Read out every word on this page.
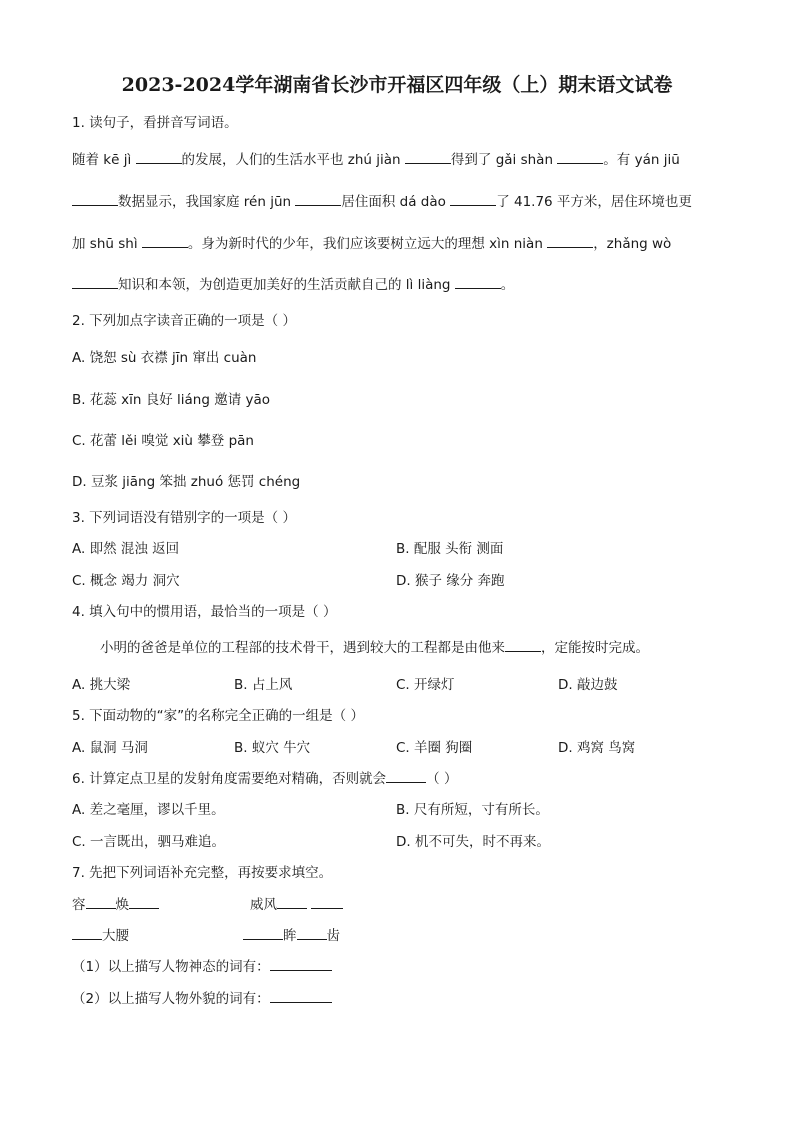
2023-2024学年湖南省长沙市开福区四年级（上）期末语文试卷
1. 读句子，看拼音写词语。
随着 kē jì	的发展，人们的生活水平也 zhú jiàn	得到了 gǎi shàn	。有 yán jiū
数据显示，我国家庭 rén jūn	居住面积 dá dào	了 41.76 平方米，居住环境也更
加 shū shì	。身为新时代的少年，我们应该要树立远大的理想 xìn niàn	，zhǎng wò
知识和本领，为创造更加美好的生活贡献自己的 lì liàng	。
2. 下列加点字读音正确的一项是（ ）
A. 饶恕 sù 衣襟 jīn 窜出 cuàn
B. 花蕊 xīn 良好 liáng 邀请 yāo
C. 花蕾 lěi 嗅觉 xiù 攀登 pān
D. 豆浆 jiāng 笨拙 zhuó 惩罚 chéng
3. 下列词语没有错别字的一项是（ ）
A. 即然 混浊 返回	B. 配服 头衔 测面
C. 概念 竭力 洞穴	D. 猴子 缘分 奔跑
4. 填入句中的惯用语，最恰当的一项是（ ）
小明的爸爸是单位的工程部的技术骨干，遇到较大的工程都是由他来	，定能按时完成。
A. 挑大梁	B. 占上风	C. 开绿灯	D. 敲边鼓
5. 下面动物的“家”的名称完全正确的一组是（ ）
A. 鼠洞 马洞	B. 蚁穴 牛穴	C. 羊圈 狗圈	D. 鸡窝 鸟窝
6. 计算定点卫星的发射角度需要绝对精确，否则就会	（ ）
A. 差之毫厘，谬以千里。	B. 尺有所短，寸有所长。
C. 一言既出，驷马难追。	D. 机不可失，时不再来。
7. 先把下列词语补充完整，再按要求填空。
容 焕	威风
大腰	眸 齿
（1）以上描写人物神态的词有：
（2）以上描写人物外貌的词有：
